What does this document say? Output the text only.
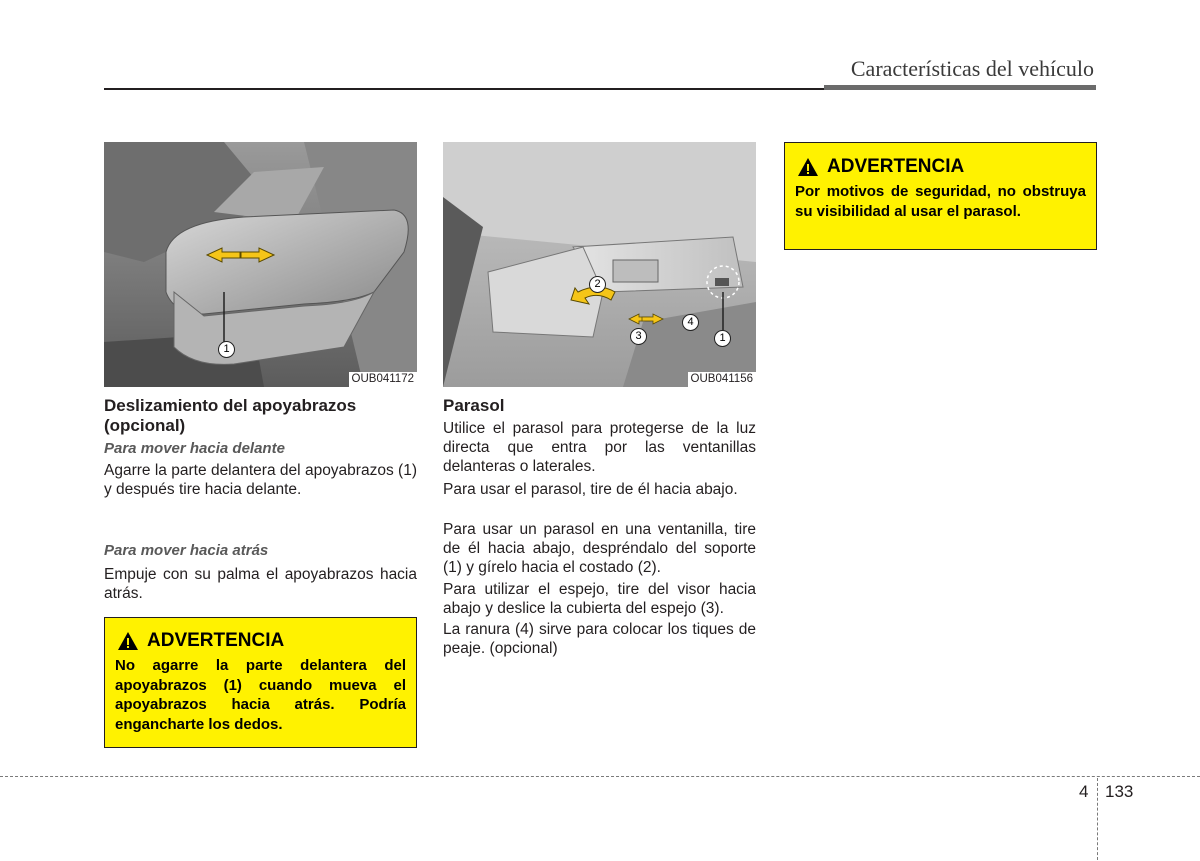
Características del vehículo
1
OUB041172
Deslizamiento del apoyabrazos (opcional)
Para mover hacia delante

Agarre la parte delantera del apoyabrazos (1) y después tire hacia delante.

Para mover hacia atrás

Empuje con su palma el apoyabrazos hacia atrás.

ADVERTENCIA
No agarre la parte delantera del apoyabrazos (1) cuando mueva el apoyabrazos hacia atrás. Podría engancharte los dedos.
2
4
3	1
OUB041156
Parasol

Utilice el parasol para protegerse de la luz directa que entra por las ventanillas delanteras o laterales.

Para usar el parasol, tire de él hacia abajo.

Para usar un parasol en una ventanilla, tire de él hacia abajo, despréndalo del soporte (1) y gírelo hacia el costado (2).

Para utilizar el espejo, tire del visor hacia abajo y deslice la cubierta del espejo (3).

La ranura (4) sirve para colocar los tiques de peaje. (opcional)

ADVERTENCIA
Por motivos de seguridad, no obstruya su visibilidad al usar el parasol.
4 133
